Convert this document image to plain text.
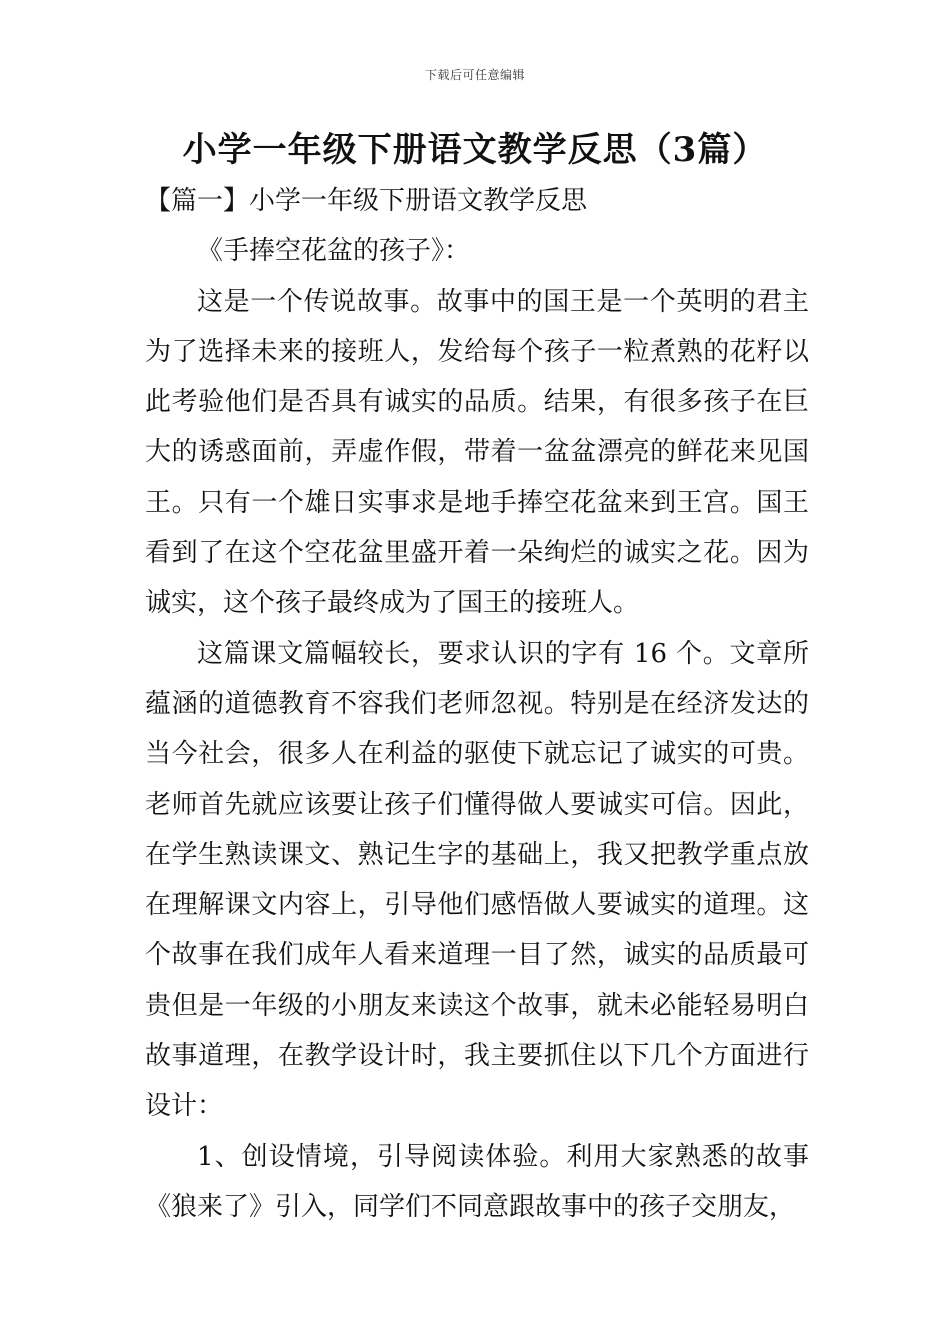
下载后可任意编辑
小学一年级下册语文教学反思（3篇）

【篇一】小学一年级下册语文教学反思

《手捧空花盆的孩子》：

这是一个传说故事。故事中的国王是一个英明的君主为了选择未来的接班人，发给每个孩子一粒煮熟的花籽以此考验他们是否具有诚实的品质。结果，有很多孩子在巨大的诱惑面前，弄虚作假，带着一盆盆漂亮的鲜花来见国王。只有一个雄日实事求是地手捧空花盆来到王宫。国王看到了在这个空花盆里盛开着一朵绚烂的诚实之花。因为诚实，这个孩子最终成为了国王的接班人。

这篇课文篇幅较长，要求认识的字有 16 个。文章所蕴涵的道德教育不容我们老师忽视。特别是在经济发达的当今社会，很多人在利益的驱使下就忘记了诚实的可贵。老师首先就应该要让孩子们懂得做人要诚实可信。因此，在学生熟读课文、熟记生字的基础上，我又把教学重点放在理解课文内容上，引导他们感悟做人要诚实的道理。这个故事在我们成年人看来道理一目了然，诚实的品质最可贵但是一年级的小朋友来读这个故事，就未必能轻易明白故事道理，在教学设计时，我主要抓住以下几个方面进行设计：

1、创设情境，引导阅读体验。利用大家熟悉的故事《狼来了》引入，同学们不同意跟故事中的孩子交朋友，
